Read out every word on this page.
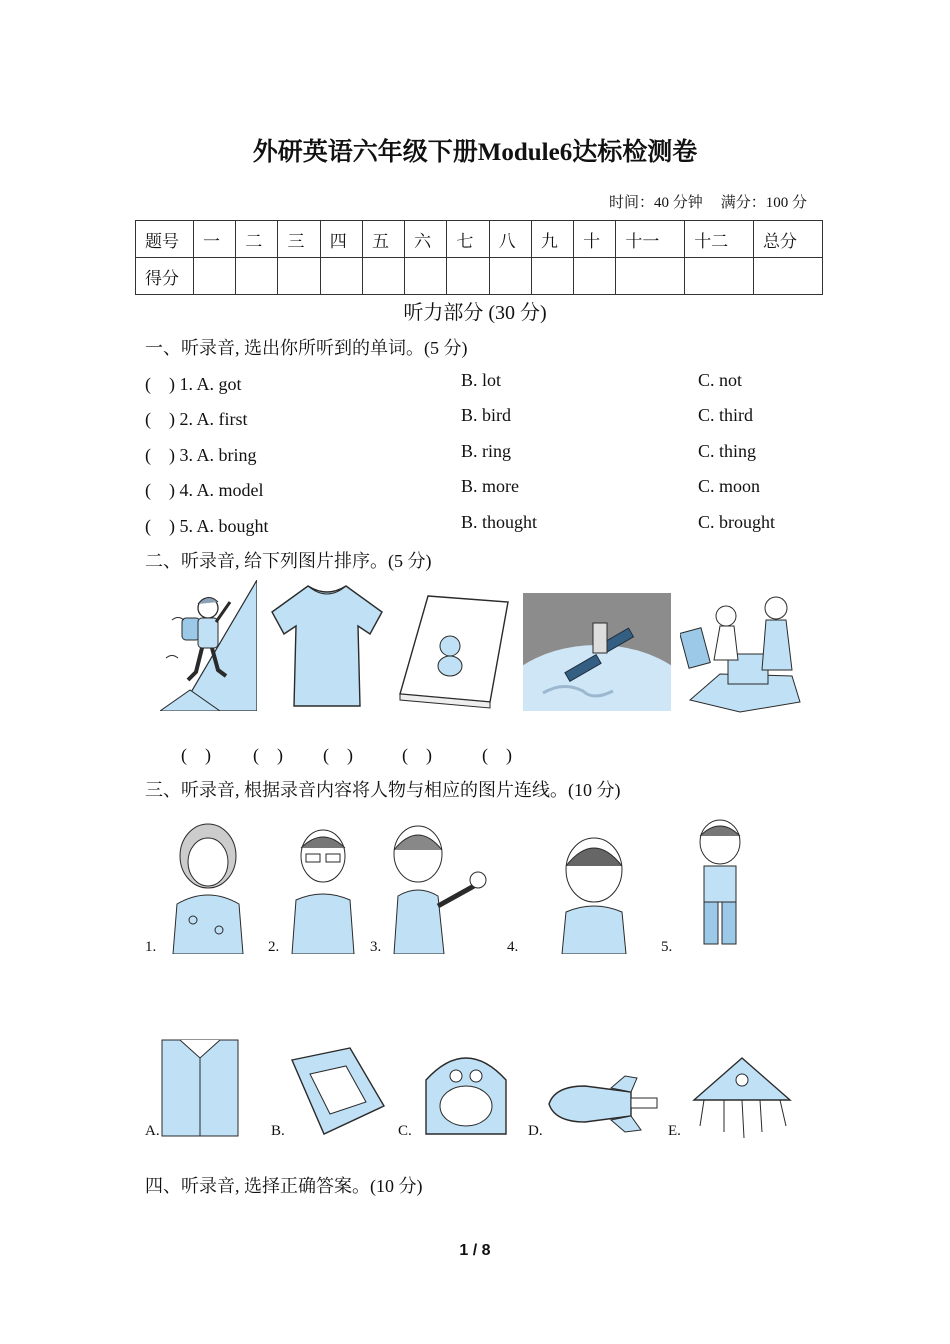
外研英语六年级下册Module6达标检测卷
时间：40 分钟 满分：100 分
题号	一	二	三	四	五	六	七	八	九	十	十一	十二	总分
得分													
听力部分 (30 分)
一、听录音, 选出你所听到的单词。(5 分)
(　) 1. A. got	B. lot	C. not
(　) 2. A. first	B. bird	C. third
(　) 3. A. bring	B. ring	C. thing
(　) 4. A. model	B. more	C. moon
(　) 5. A. bought	B. thought	C. brought
二、听录音, 给下列图片排序。(5 分)
(　) (　) (　)	(　)	(　)
三、听录音, 根据录音内容将人物与相应的图片连线。(10 分)
1.	2.	3.	4.	5.
A.	B.	C.	D.	E.
四、听录音, 选择正确答案。(10 分)
1 / 8
